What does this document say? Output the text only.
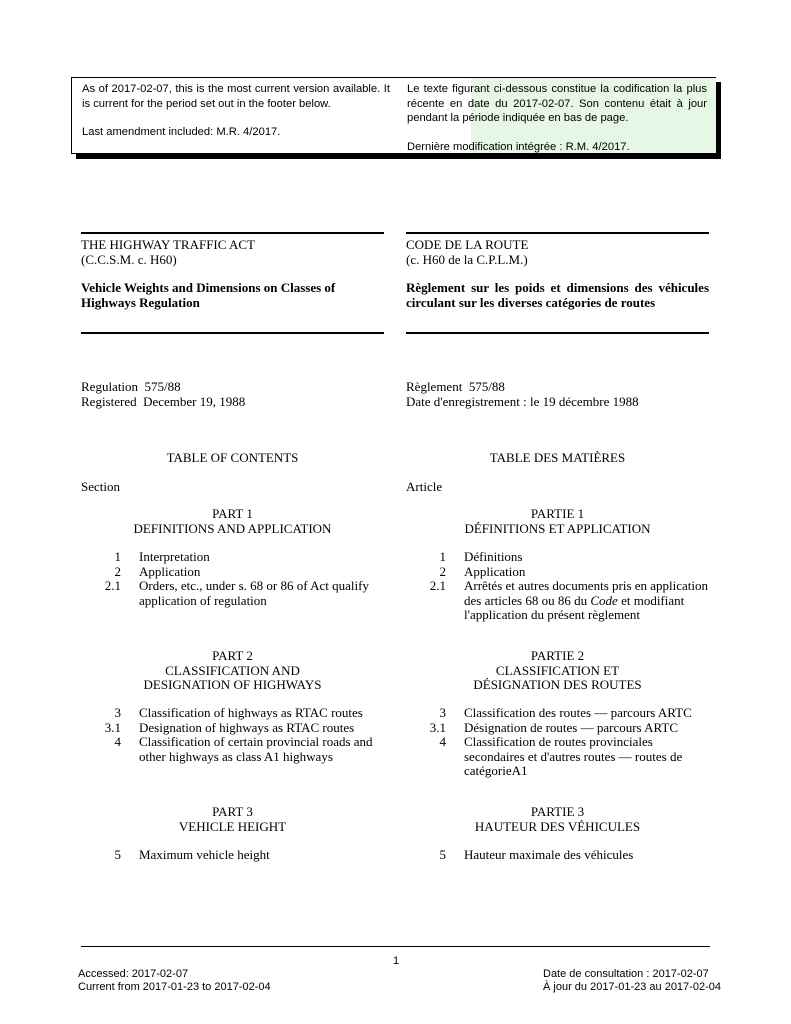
As of 2017-02-07, this is the most current version available. It is current for the period set out in the footer below.

Last amendment included: M.R. 4/2017.

Le texte figurant ci-dessous constitue la codification la plus récente en date du 2017-02-07. Son contenu était à jour pendant la période indiquée en bas de page.

Dernière modification intégrée : R.M. 4/2017.

THE HIGHWAY TRAFFIC ACT
(C.C.S.M. c. H60)
Vehicle Weights and Dimensions on Classes of Highways Regulation
CODE DE LA ROUTE
(c. H60 de la C.P.L.M.)
Règlement sur les poids et dimensions des véhicules circulant sur les diverses catégories de routes
Regulation  575/88
Registered  December 19, 1988
Règlement  575/88
Date d'enregistrement : le 19 décembre 1988
TABLE OF CONTENTS	TABLE DES MATIÈRES
Section	Article
PART 1
DEFINITIONS AND APPLICATION
PARTIE 1
DÉFINITIONS ET APPLICATION
1 Interpretation
2 Application
2.1 Orders, etc., under s. 68 or 86 of Act qualify application of regulation
1 Définitions
2 Application
2.1 Arrêtés et autres documents pris en application des articles 68 ou 86 du Code et modifiant l'application du présent règlement
PART 2
CLASSIFICATION AND
DESIGNATION OF HIGHWAYS
PARTIE 2
CLASSIFICATION ET
DÉSIGNATION DES ROUTES
3 Classification of highways as RTAC routes
3.1 Designation of highways as RTAC routes
4 Classification of certain provincial roads and other highways as class A1 highways
3 Classification des routes — parcours ARTC
3.1 Désignation de routes — parcours ARTC
4 Classification de routes provinciales secondaires et d'autres routes — routes de catégorieA1
PART 3
VEHICLE HEIGHT
PARTIE 3
HAUTEUR DES VÉHICULES
5 Maximum vehicle height	5 Hauteur maximale des véhicules
1
Accessed: 2017-02-07
Current from 2017-01-23 to 2017-02-04
Date de consultation : 2017-02-07
À jour du 2017-01-23 au 2017-02-04
